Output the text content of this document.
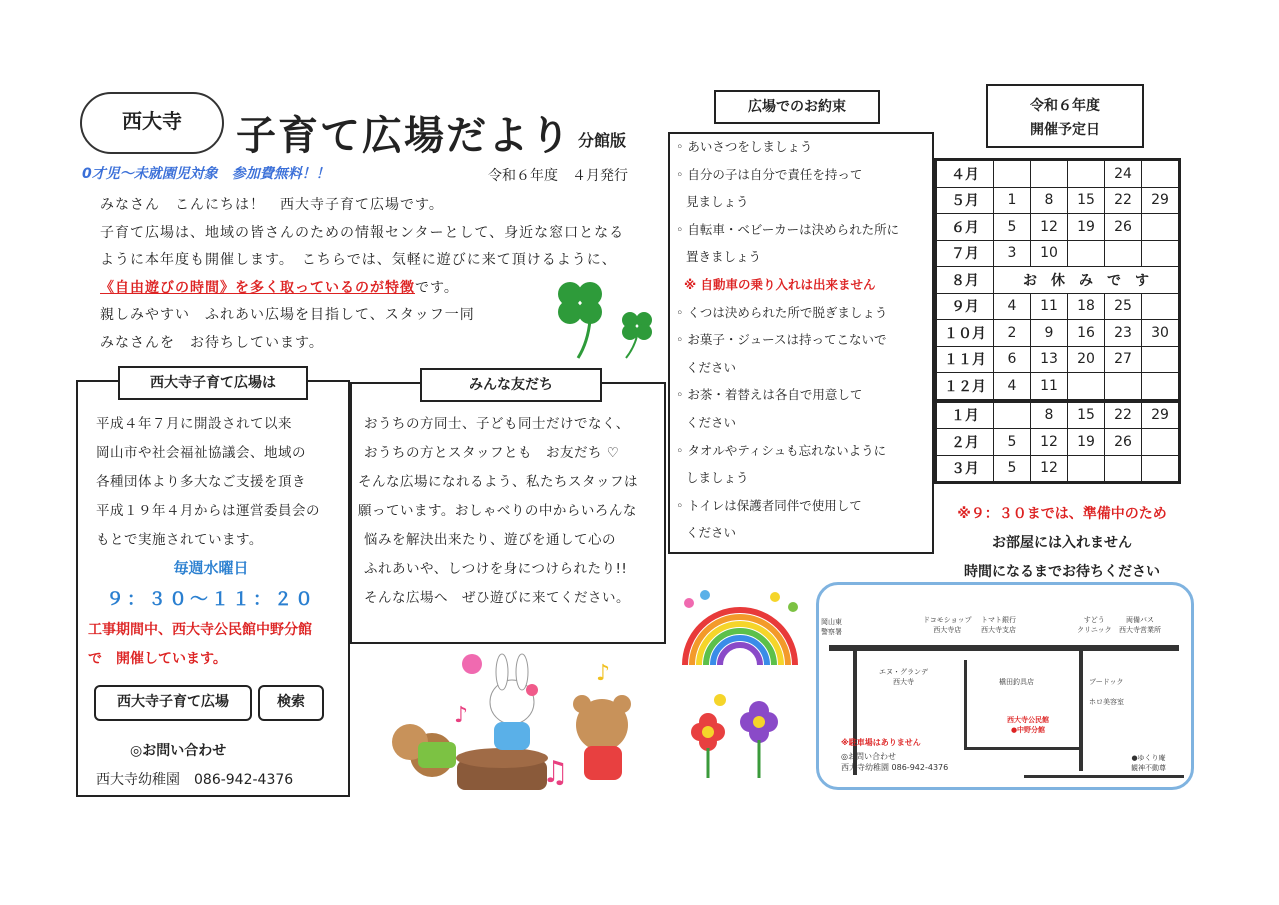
西大寺	子育て広場だより 分館版
0才児～未就園児対象　参加費無料！！	令和６年度　４月発行
みなさん　こんにちは！　西大寺子育て広場です。
子育て広場は、地域の皆さんのための情報センターとして、身近な窓口となる
ように本年度も開催します。　こちらでは、気軽に遊びに来て頂けるように、
《自由遊びの時間》を多く取っているのが特徴です。
親しみやすい　ふれあい広場を目指して、スタッフ一同
みなさんを　お待ちしています。
西大寺子育て広場は
平成４年７月に開設されて以来
岡山市や社会福祉協議会、地域の
各種団体より多大なご支援を頂き
平成１９年４月からは運営委員会の
もとで実施されています。
毎週水曜日
９：３０～１１：２０
工事期間中、西大寺公民館中野分館
で　開催しています。
西大寺子育て広場	検索
◎お問い合わせ
西大寺幼稚園　 086-942-4376
みんな友だち
おうちの方同士、子ども同士だけでなく、
おうちの方とスタッフとも　お友だち ♡
そんな広場になれるよう、私たちスタッフは
願っています。おしゃべりの中からいろんな
悩みを解決出来たり、遊びを通して心の
ふれあいや、しつけを身につけられたり!!
そんな広場へ　ぜひ遊びに来てください。
♪
♫
♪
広場でのお約束
◦ あいさつをしましょう
◦ 自分の子は自分で責任を持って
見ましょう
◦ 自転車・ベビーカーは決められた所に
置きましょう
※ 自動車の乗り入れは出来ません
◦ くつは決められた所で脱ぎましょう
◦ お菓子・ジュースは持ってこないで
ください
◦ お茶・着替えは各自で用意して
ください
◦ タオルやティシュも忘れないように
しましょう
◦ トイレは保護者同伴で使用して
ください
令和６年度
開催予定日
４月				24	
５月	1	8	15	22	29
６月	5	12	19	26	
７月	3	10			
８月	お　休　み　で　す				
９月	4	11	18	25	
１０月	2	9	16	23	30
１１月	6	13	20	27	
１２月	4	11			
１月		8	15	22	29
２月	5	12	19	26	
３月	5	12			
※９：３０までは、準備中のため
お部屋には入れません
時間になるまでお待ちください
岡山東
警察署
ドコモショップ
西大寺店
トマト銀行
西大寺支店
すどう
クリニック
両備バス
西大寺営業所
エヌ・グランデ
西大寺	槇田釣具店	ブードック
ホロ美容室
西大寺公民館
●中野分館
※駐車場はありません
◎お問い合わせ
西大寺幼稚園 086-942-4376
●ゆくり庵
観神不動尊
